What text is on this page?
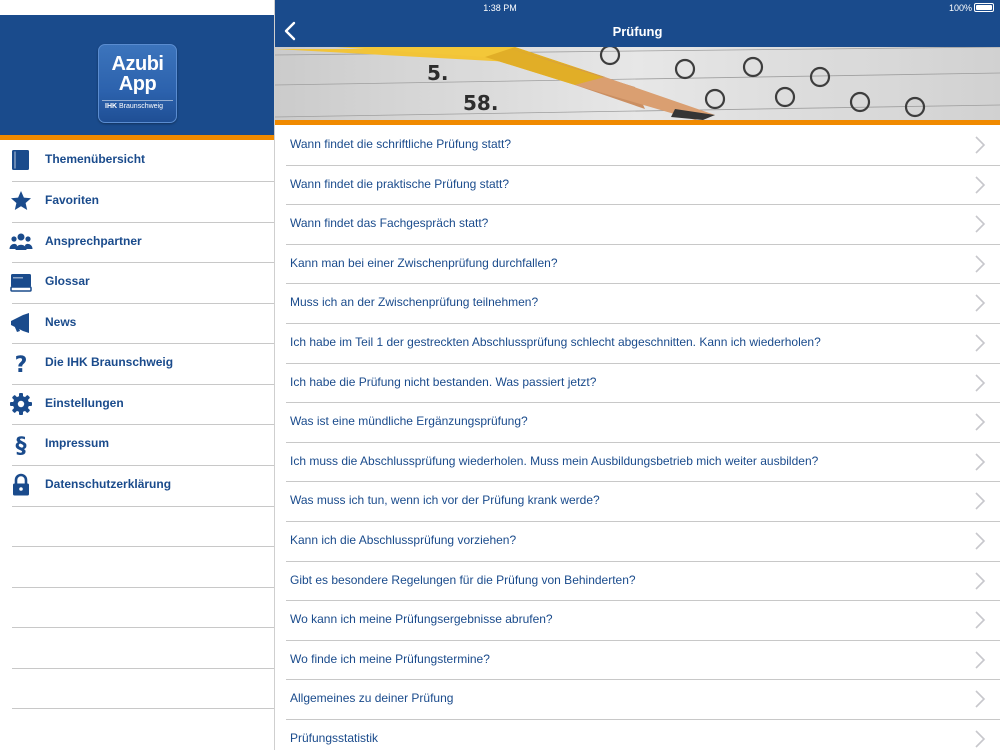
Azubi
App
IHK Braunschweig
Themenübersicht
Favoriten
Ansprechpartner
Glossar
News
? Die IHK Braunschweig
Einstellungen
§ Impressum
Datenschutzerklärung
1:38 PM	100%
Prüfung
5.
58.
Wann findet die schriftliche Prüfung statt?
Wann findet die praktische Prüfung statt?
Wann findet das Fachgespräch statt?
Kann man bei einer Zwischenprüfung durchfallen?
Muss ich an der Zwischenprüfung teilnehmen?
Ich habe im Teil 1 der gestreckten Abschlussprüfung schlecht abgeschnitten. Kann ich wiederholen?
Ich habe die Prüfung nicht bestanden. Was passiert jetzt?
Was ist eine mündliche Ergänzungsprüfung?
Ich muss die Abschlussprüfung wiederholen. Muss mein Ausbildungsbetrieb mich weiter ausbilden?
Was muss ich tun, wenn ich vor der Prüfung krank werde?
Kann ich die Abschlussprüfung vorziehen?
Gibt es besondere Regelungen für die Prüfung von Behinderten?
Wo kann ich meine Prüfungsergebnisse abrufen?
Wo finde ich meine Prüfungstermine?
Allgemeines zu deiner Prüfung
Prüfungsstatistik
